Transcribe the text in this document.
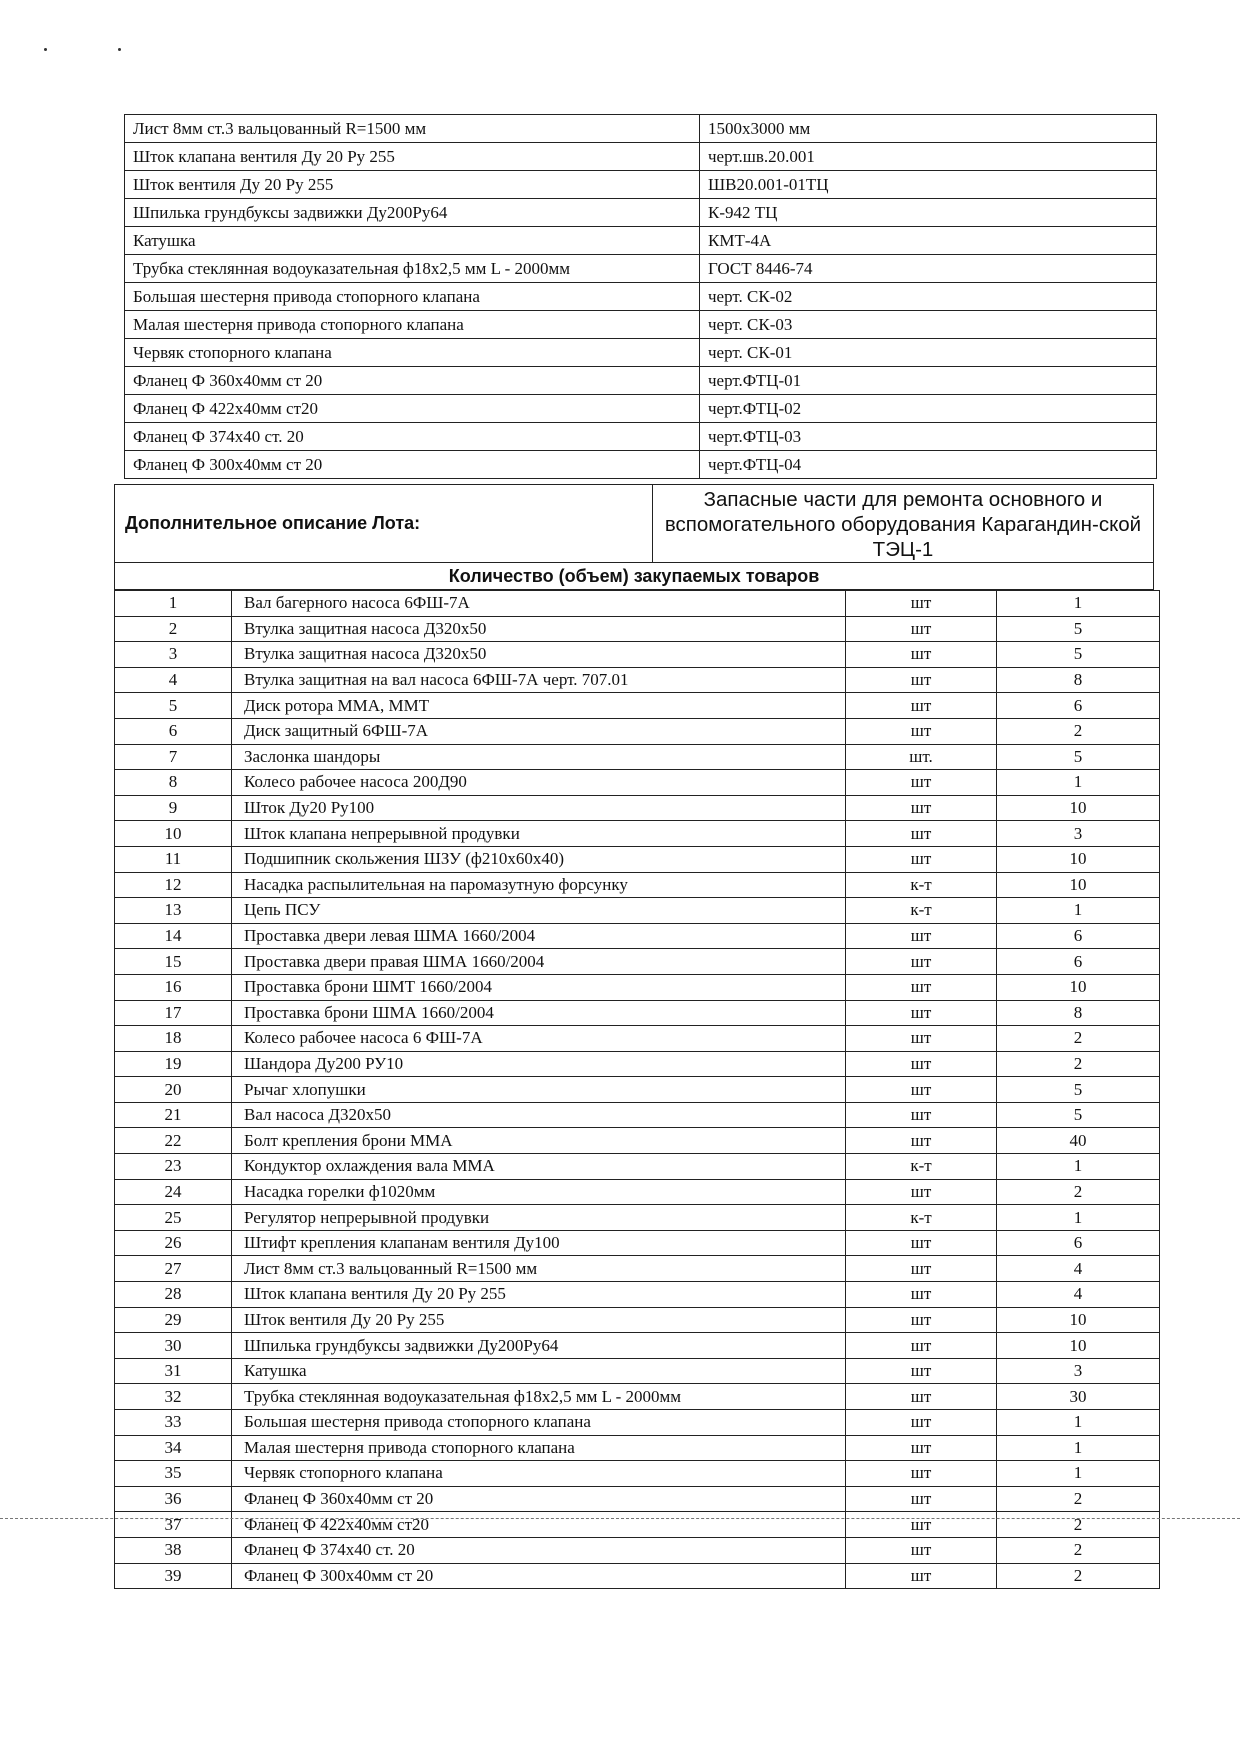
Лист 8мм ст.3 вальцованный R=1500 мм	1500х3000 мм
Шток клапана вентиля Ду 20 Ру 255	черт.шв.20.001
Шток вентиля Ду 20 Ру 255	ШВ20.001-01ТЦ
Шпилька грундбуксы задвижки Ду200Ру64	К-942 ТЦ
Катушка	КМТ-4А
Трубка стеклянная водоуказательная ф18х2,5 мм L - 2000мм	ГОСТ 8446-74
Большая шестерня привода стопорного клапана	черт. СК-02
Малая шестерня привода стопорного клапана	черт. СК-03
Червяк стопорного клапана	черт. СК-01
Фланец Ф 360х40мм ст 20	черт.ФТЦ-01
Фланец Ф 422х40мм ст20	черт.ФТЦ-02
Фланец Ф 374х40 ст. 20	черт.ФТЦ-03
Фланец Ф 300х40мм ст 20	черт.ФТЦ-04
Дополнительное описание Лота:
Запасные части для ремонта основного и вспомогательного оборудования Карагандин-ской ТЭЦ-1
Количество (объем) закупаемых товаров
1	Вал багерного насоса 6ФШ-7А	шт	1
2	Втулка защитная насоса Д320х50	шт	5
3	Втулка защитная насоса Д320х50	шт	5
4	Втулка защитная на вал насоса 6ФШ-7А черт. 707.01	шт	8
5	Диск ротора ММА, ММТ	шт	6
6	Диск защитный 6ФШ-7А	шт	2
7	Заслонка шандоры	шт.	5
8	Колесо рабочее насоса 200Д90	шт	1
9	Шток Ду20 Ру100	шт	10
10	Шток клапана непрерывной продувки	шт	3
11	Подшипник скольжения ШЗУ (ф210х60х40)	шт	10
12	Насадка распылительная на паромазутную форсунку	к-т	10
13	Цепь ПСУ	к-т	1
14	Проставка двери левая ШМА 1660/2004	шт	6
15	Проставка двери правая ШМА 1660/2004	шт	6
16	Проставка брони ШМТ 1660/2004	шт	10
17	Проставка брони ШМА 1660/2004	шт	8
18	Колесо рабочее насоса 6 ФШ-7А	шт	2
19	Шандора Ду200 РУ10	шт	2
20	Рычаг хлопушки	шт	5
21	Вал насоса Д320х50	шт	5
22	Болт крепления брони ММА	шт	40
23	Кондуктор охлаждения вала ММА	к-т	1
24	Насадка горелки ф1020мм	шт	2
25	Регулятор непрерывной продувки	к-т	1
26	Штифт крепления клапанам вентиля Ду100	шт	6
27	Лист 8мм ст.3 вальцованный R=1500 мм	шт	4
28	Шток клапана вентиля Ду 20 Ру 255	шт	4
29	Шток вентиля Ду 20 Ру 255	шт	10
30	Шпилька грундбуксы задвижки Ду200Ру64	шт	10
31	Катушка	шт	3
32	Трубка стеклянная водоуказательная ф18х2,5 мм L - 2000мм	шт	30
33	Большая шестерня привода стопорного клапана	шт	1
34	Малая шестерня привода стопорного клапана	шт	1
35	Червяк стопорного клапана	шт	1
36	Фланец Ф 360х40мм ст 20	шт	2
37	Фланец Ф 422х40мм ст20	шт	2
38	Фланец Ф 374х40 ст. 20	шт	2
39	Фланец Ф 300х40мм ст 20	шт	2
